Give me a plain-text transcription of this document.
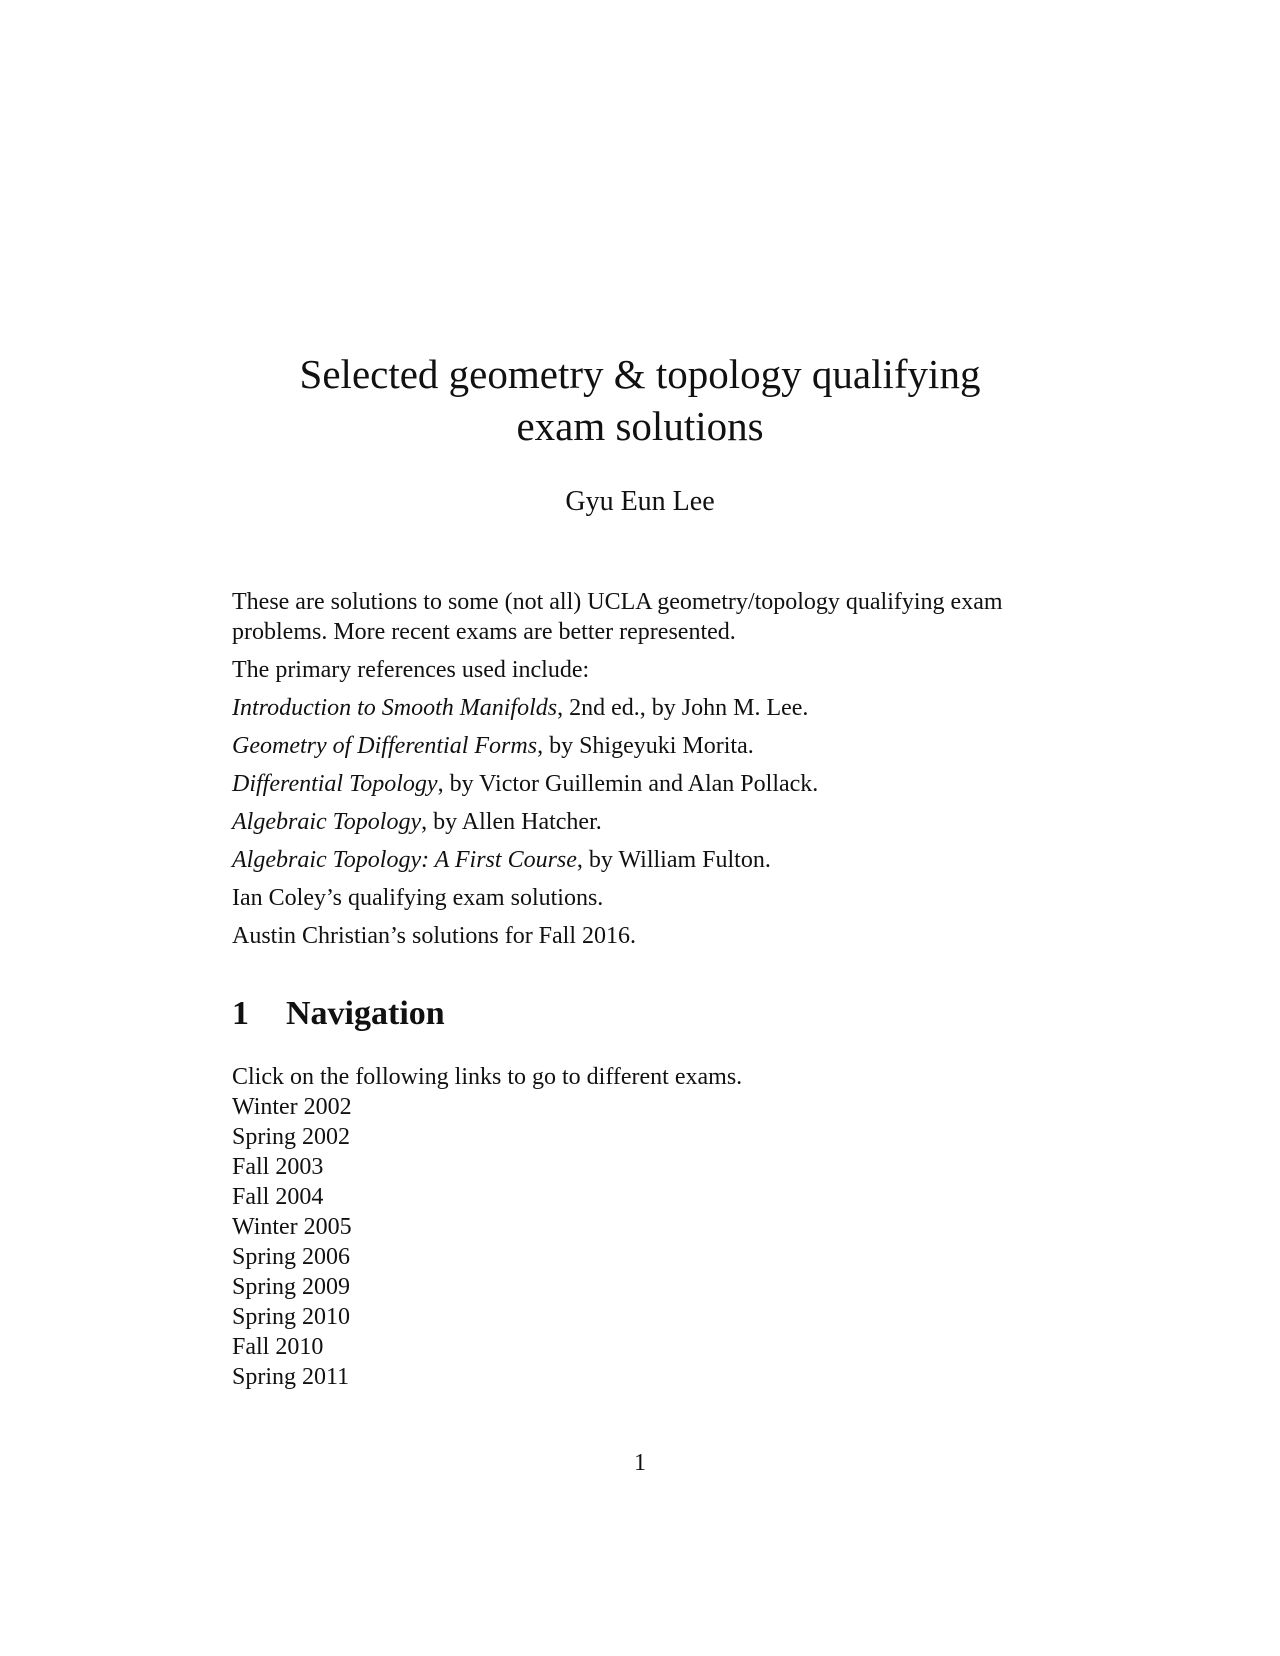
Selected geometry & topology qualifying
exam solutions
Gyu Eun Lee

These are solutions to some (not all) UCLA geometry/topology qualifying exam problems. More recent exams are better represented.

The primary references used include:
Introduction to Smooth Manifolds, 2nd ed., by John M. Lee.
Geometry of Differential Forms, by Shigeyuki Morita.
Differential Topology, by Victor Guillemin and Alan Pollack.
Algebraic Topology, by Allen Hatcher.
Algebraic Topology: A First Course, by William Fulton.
Ian Coley’s qualifying exam solutions.
Austin Christian’s solutions for Fall 2016.
1 Navigation
Click on the following links to go to different exams.
Winter 2002
Spring 2002
Fall 2003
Fall 2004
Winter 2005
Spring 2006
Spring 2009
Spring 2010
Fall 2010
Spring 2011
1
